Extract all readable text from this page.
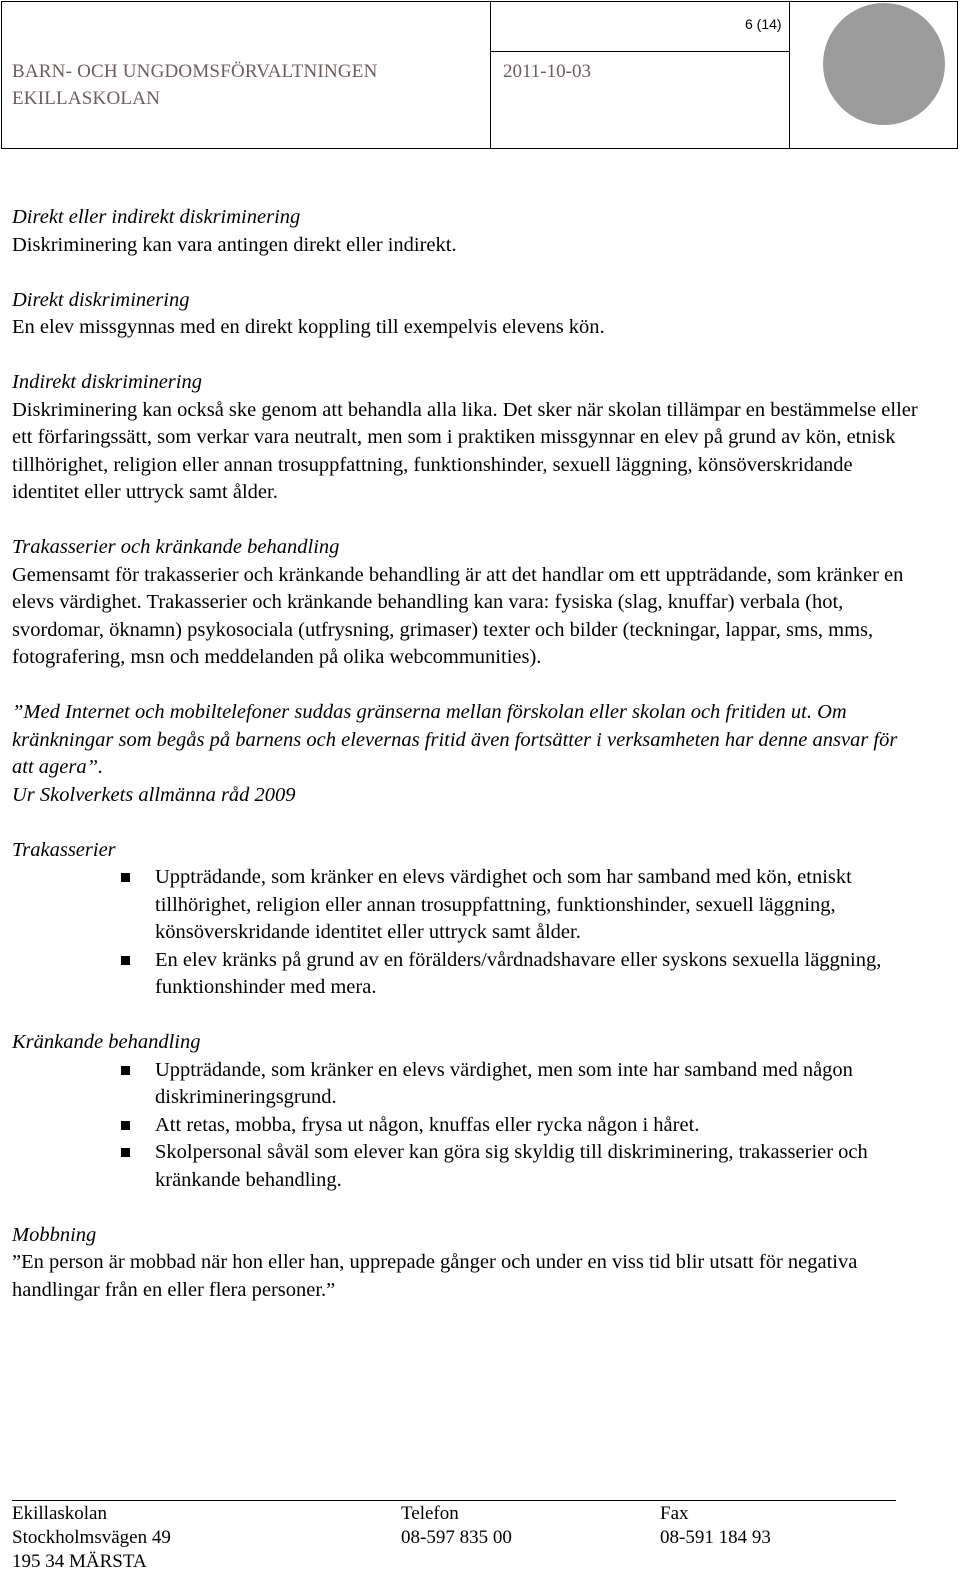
BARN- OCH UNGDOMSFÖRVALTNINGEN
EKILLASKOLAN
2011-10-03
6 (14)

Direkt eller indirekt diskriminering

Diskriminering kan vara antingen direkt eller indirekt.

Direkt diskriminering

En elev missgynnas med en direkt koppling till exempelvis elevens kön.

Indirekt diskriminering

Diskriminering kan också ske genom att behandla alla lika. Det sker när skolan tillämpar en bestämmelse eller ett förfaringssätt, som verkar vara neutralt, men som i praktiken missgynnar en elev på grund av kön, etnisk tillhörighet, religion eller annan trosuppfattning, funktionshinder, sexuell läggning, könsöverskridande identitet eller uttryck samt ålder.

Trakasserier och kränkande behandling

Gemensamt för trakasserier och kränkande behandling är att det handlar om ett uppträdande, som kränker en elevs värdighet. Trakasserier och kränkande behandling kan vara: fysiska (slag, knuffar) verbala (hot, svordomar, öknamn) psykosociala (utfrysning, grimaser) texter och bilder (teckningar, lappar, sms, mms, fotografering, msn och meddelanden på olika webcommunities).

”Med Internet och mobiltelefoner suddas gränserna mellan förskolan eller skolan och fritiden ut. Om kränkningar som begås på barnens och elevernas fritid även fortsätter i verksamheten har denne ansvar för att agera”.

Ur Skolverkets allmänna råd 2009

Trakasserier

Uppträdande, som kränker en elevs värdighet och som har samband med kön, etniskt tillhörighet, religion eller annan trosuppfattning, funktionshinder, sexuell läggning, könsöverskridande identitet eller uttryck samt ålder.
En elev kränks på grund av en förälders/vårdnadshavare eller syskons sexuella läggning, funktionshinder med mera.

Kränkande behandling

Uppträdande, som kränker en elevs värdighet, men som inte har samband med någon diskrimineringsgrund.
Att retas, mobba, frysa ut någon, knuffas eller rycka någon i håret.
Skolpersonal såväl som elever kan göra sig skyldig till diskriminering, trakasserier och kränkande behandling.

Mobbning

”En person är mobbad när hon eller han, upprepade gånger och under en viss tid blir utsatt för negativa handlingar från en eller flera personer.”

Ekillaskolan
Stockholmsvägen 49
195 34 MÄRSTA
Telefon
08-597 835 00
Fax
08-591 184 93
